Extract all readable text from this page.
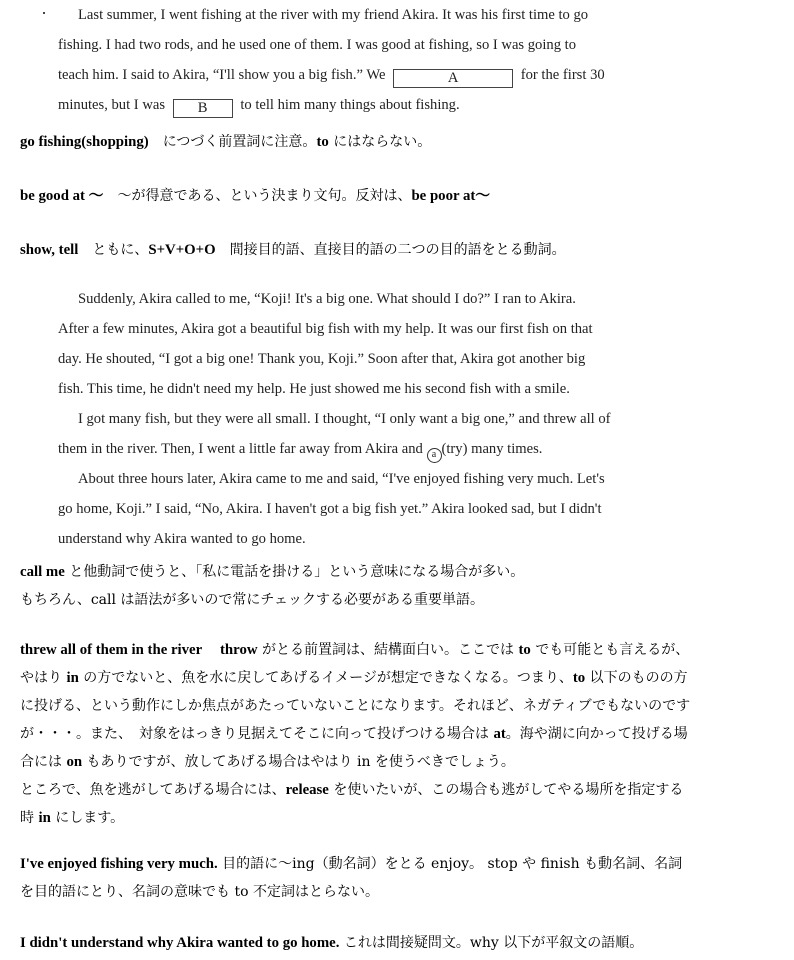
Last summer, I went fishing at the river with my friend Akira. It was his first time to go
fishing. I had two rods, and he used one of them. I was good at fishing, so I was going to
teach him. I said to Akira, “I'll show you a big fish.” We	A	for the first 30
minutes, but I was B to tell him many things about fishing.
go fishing(shopping)　につづく前置詞に注意。to にはならない。
be good at 〜　〜が得意である、という決まり文句。反対は、be poor at〜
show, tell　ともに、S+V+O+O　間接目的語、直接目的語の二つの目的語をとる動詞。
Suddenly, Akira called to me, “Koji! It's a big one. What should I do?” I ran to Akira.
After a few minutes, Akira got a beautiful big fish with my help. It was our first fish on that
day. He shouted, “I got a big one! Thank you, Koji.” Soon after that, Akira got another big
fish. This time, he didn't need my help. He just showed me his second fish with a smile.
I got many fish, but they were all small. I thought, “I only want a big one,” and threw all of
them in the river. Then, I went a little far away from Akira and a (try) many times.
About three hours later, Akira came to me and said, “I've enjoyed fishing very much. Let's
go home, Koji.” I said, “No, Akira. I haven't got a big fish yet.” Akira looked sad, but I didn't
understand why Akira wanted to go home.
call me と他動詞で使うと、「私に電話を掛ける」という意味になる場合が多い。
もちろん、call は語法が多いので常にチェックする必要がある重要単語。
threw all of them in the river throw がとる前置詞は、結構面白い。ここでは to でも可能とも言えるが、
やはり in の方でないと、魚を水に戻してあげるイメージが想定できなくなる。つまり、to 以下のものの方
に投げる、という動作にしか焦点があたっていないことになります。それほど、ネガティブでもないのです
が・・・。また、　対象をはっきり見据えてそこに向って投げつける場合は at。海や湖に向かって投げる場
合には on もありですが、放してあげる場合はやはり in を使うべきでしょう。
ところで、魚を逃がしてあげる場合には、release を使いたいが、この場合も逃がしてやる場所を指定する
時 in にします。
I've enjoyed fishing very much. 目的語に〜ing（動名詞）をとる enjoy。 stop や finish も動名詞、名詞
を目的語にとり、名詞の意味でも to 不定詞はとらない。
I didn't understand why Akira wanted to go home. これは間接疑問文。why 以下が平叙文の語順。
